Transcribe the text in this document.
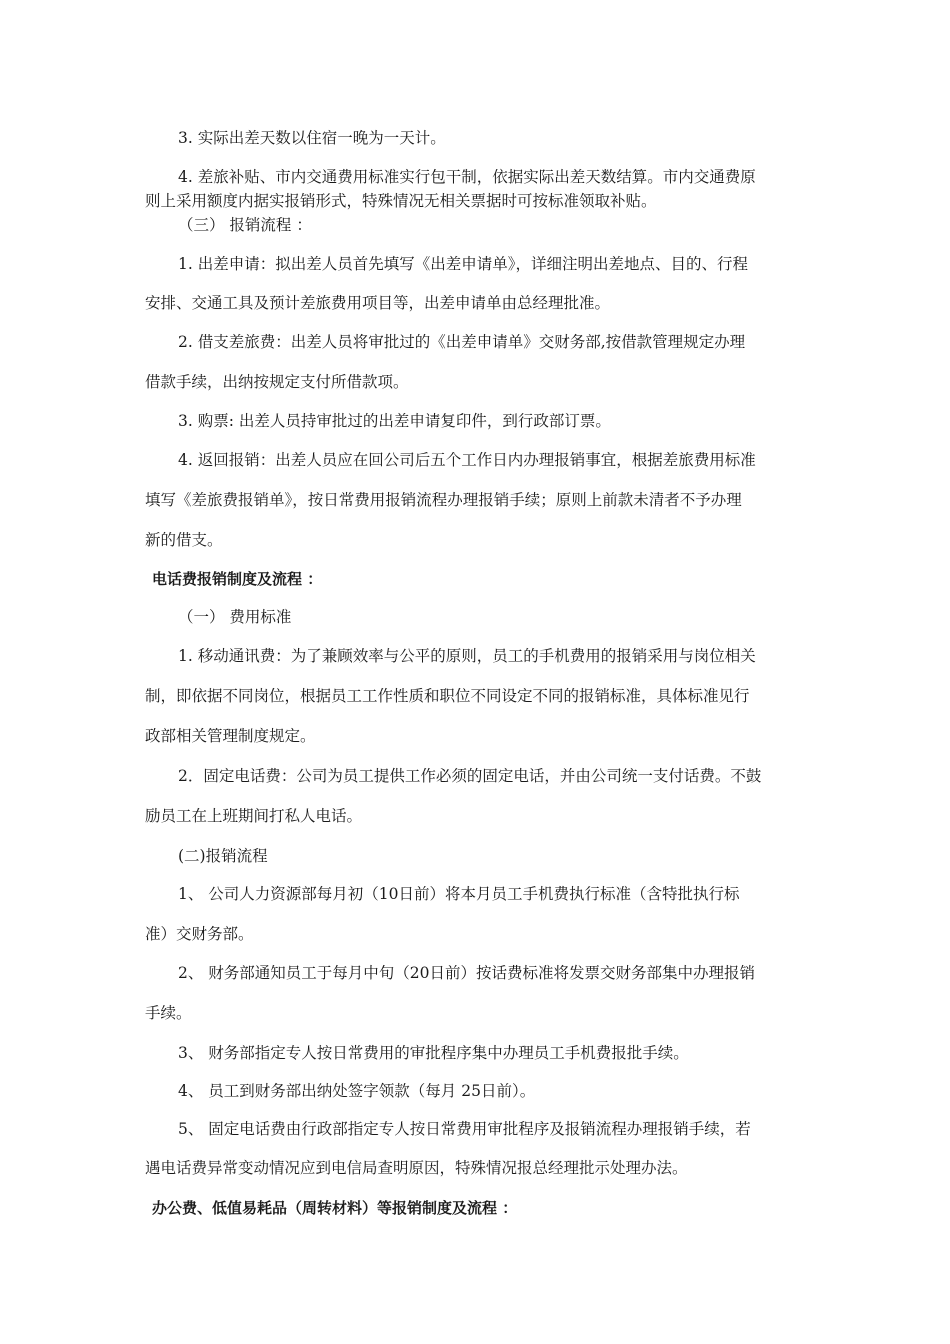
3. 实际出差天数以住宿一晚为一天计。

4. 差旅补贴、市内交通费用标准实行包干制，依据实际出差天数结算。市内交通费原

则上采用额度内据实报销形式，特殊情况无相关票据时可按标准领取补贴。

（三） 报销流程 ：

1. 出差申请：拟出差人员首先填写《出差申请单》，详细注明出差地点、目的、行程

安排、交通工具及预计差旅费用项目等，出差申请单由总经理批准。

2. 借支差旅费：出差人员将审批过的《出差申请单》交财务部,按借款管理规定办理

借款手续，出纳按规定支付所借款项。

3. 购票: 出差人员持审批过的出差申请复印件，到行政部订票。

4. 返回报销：出差人员应在回公司后五个工作日内办理报销事宜，根据差旅费用标准

填写《差旅费报销单》，按日常费用报销流程办理报销手续；原则上前款未清者不予办理

新的借支。

电话费报销制度及流程 ：

（一） 费用标准

1. 移动通讯费：为了兼顾效率与公平的原则，员工的手机费用的报销采用与岗位相关

制，即依据不同岗位，根据员工工作性质和职位不同设定不同的报销标准，具体标准见行

政部相关管理制度规定。

2．固定电话费：公司为员工提供工作必须的固定电话，并由公司统一支付话费。不鼓

励员工在上班期间打私人电话。

(二)报销流程

1、 公司人力资源部每月初（10日前）将本月员工手机费执行标准（含特批执行标

准）交财务部。

2、 财务部通知员工于每月中旬（20日前）按话费标准将发票交财务部集中办理报销

手续。

3、 财务部指定专人按日常费用的审批程序集中办理员工手机费报批手续。

4、 员工到财务部出纳处签字领款（每月 25日前）。

5、 固定电话费由行政部指定专人按日常费用审批程序及报销流程办理报销手续，若

遇电话费异常变动情况应到电信局查明原因，特殊情况报总经理批示处理办法。

办公费、低值易耗品（周转材料）等报销制度及流程 ：
